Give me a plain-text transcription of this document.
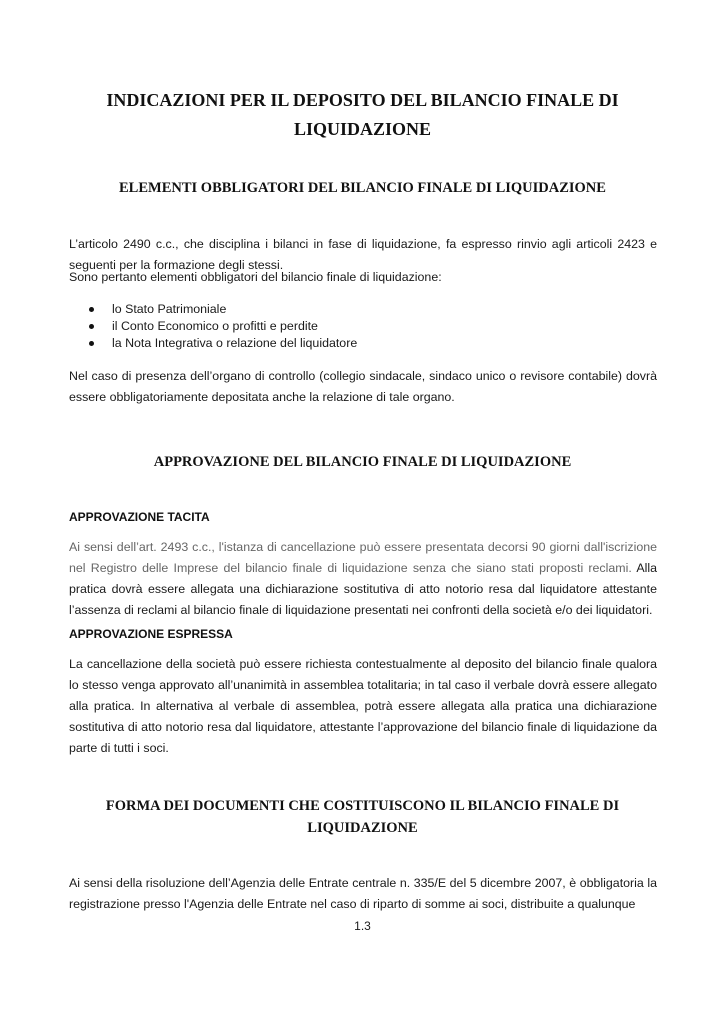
INDICAZIONI PER IL DEPOSITO DEL BILANCIO FINALE DI
LIQUIDAZIONE
ELEMENTI OBBLIGATORI DEL BILANCIO FINALE DI LIQUIDAZIONE
L’articolo 2490 c.c., che disciplina i bilanci in fase di liquidazione, fa espresso rinvio agli articoli 2423 e seguenti per la formazione degli stessi.
Sono pertanto elementi obbligatori del bilancio finale di liquidazione:
lo Stato Patrimoniale
il Conto Economico o profitti e perdite
la Nota Integrativa o relazione del liquidatore
Nel caso di presenza dell’organo di controllo (collegio sindacale, sindaco unico o revisore contabile) dovrà essere obbligatoriamente depositata anche la relazione di tale organo.
APPROVAZIONE DEL BILANCIO FINALE DI LIQUIDAZIONE
APPROVAZIONE TACITA
Ai sensi dell’art. 2493 c.c., l'istanza di cancellazione può essere presentata decorsi 90 giorni dall'iscrizione nel Registro delle Imprese del bilancio finale di liquidazione senza che siano stati proposti reclami. Alla pratica dovrà essere allegata una dichiarazione sostitutiva di atto notorio resa dal liquidatore attestante l’assenza di reclami al bilancio finale di liquidazione presentati nei confronti della società e/o dei liquidatori.
APPROVAZIONE ESPRESSA
La cancellazione della società può essere richiesta contestualmente al deposito del bilancio finale qualora lo stesso venga approvato all’unanimità in assemblea totalitaria; in tal caso il verbale dovrà essere allegato alla pratica. In alternativa al verbale di assemblea, potrà essere allegata alla pratica una dichiarazione sostitutiva di atto notorio resa dal liquidatore, attestante l’approvazione del bilancio finale di liquidazione da parte di tutti i soci.
FORMA DEI DOCUMENTI CHE COSTITUISCONO IL BILANCIO FINALE DI
LIQUIDAZIONE
Ai sensi della risoluzione dell’Agenzia delle Entrate centrale n. 335/E del 5 dicembre 2007, è obbligatoria la registrazione presso l'Agenzia delle Entrate nel caso di riparto di somme ai soci, distribuite a qualunque
1.3
